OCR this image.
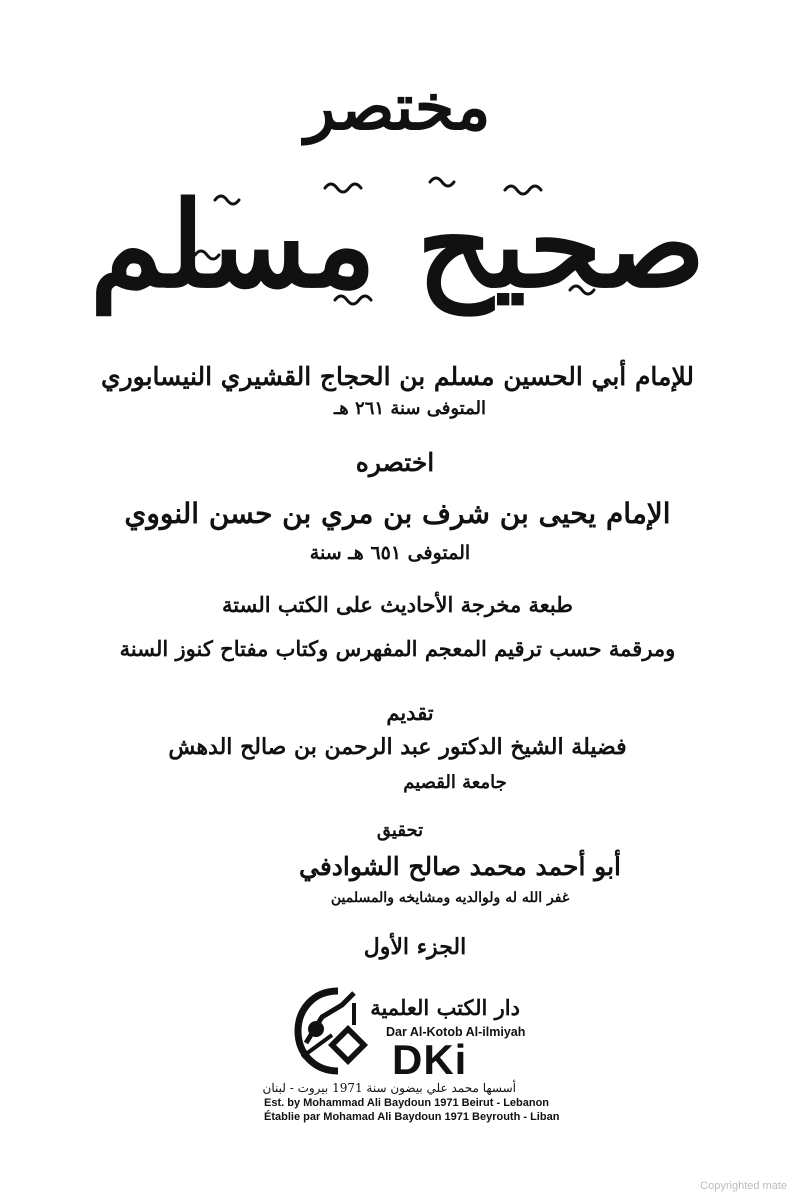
مختصر
صحيح مسلم
للإمام أبي الحسين مسلم بن الحجاج القشيري النيسابوري
المتوفى سنة ٢٦١ هـ
اختصره
الإمام يحيى بن شرف بن مري بن حسن النووي
المتوفى ٦٥١ هـ سنة
طبعة مخرجة الأحاديث على الكتب الستة
ومرقمة حسب ترقيم المعجم المفهرس وكتاب مفتاح كنوز السنة
تقديم
فضيلة الشيخ الدكتور عبد الرحمن بن صالح الدهش
جامعة القصيم
تحقيق
أبو أحمد محمد صالح الشوادفي
غفر الله له ولوالديه ومشايخه والمسلمين
الجزء الأول
دار الكتب العلمية
Dar Al-Kotob Al-ilmiyah
DKi
أسسها محمد علي بيضون سنة 1971 بيروت - لبنان
Est. by Mohammad Ali Baydoun 1971 Beirut - Lebanon
Établie par Mohamad Ali Baydoun 1971 Beyrouth - Liban
Copyrighted mate
